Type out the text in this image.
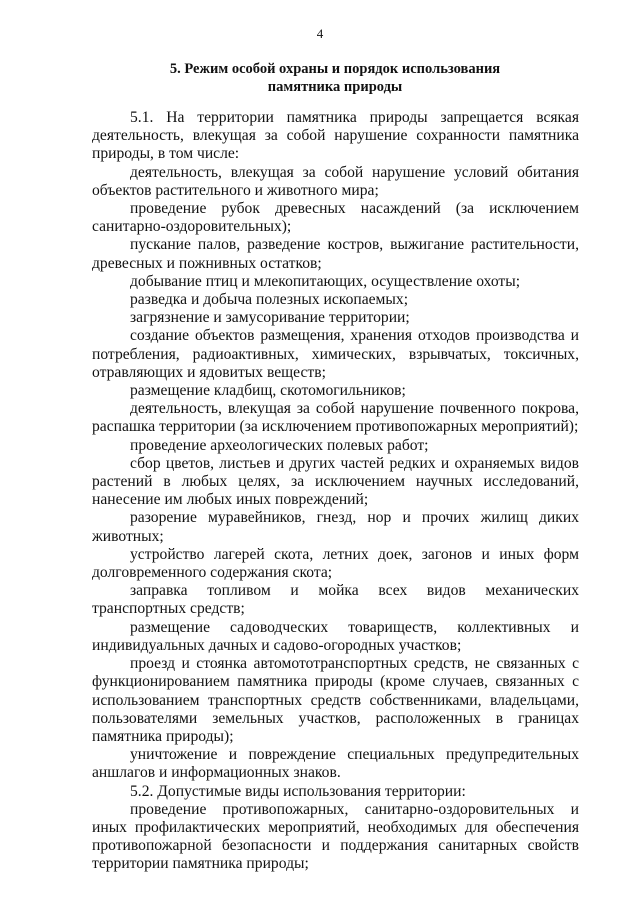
4
5. Режим особой охраны и порядок использования
памятника природы

5.1. На территории памятника природы запрещается всякая деятельность, влекущая за собой нарушение сохранности памятника природы, в том числе:

деятельность, влекущая за собой нарушение условий обитания объектов растительного и животного мира;

проведение рубок древесных насаждений (за исключением санитарно-оздоровительных);

пускание палов, разведение костров, выжигание растительности, древесных и пожнивных остатков;

добывание птиц и млекопитающих, осуществление охоты;

разведка и добыча полезных ископаемых;

загрязнение и замусоривание территории;

создание объектов размещения, хранения отходов производства и потребления, радиоактивных, химических, взрывчатых, токсичных, отравляющих и ядовитых веществ;

размещение кладбищ, скотомогильников;

деятельность, влекущая за собой нарушение почвенного покрова, распашка территории (за исключением противопожарных мероприятий);

проведение археологических полевых работ;

сбор цветов, листьев и других частей редких и охраняемых видов растений в любых целях, за исключением научных исследований, нанесение им любых иных повреждений;

разорение муравейников, гнезд, нор и прочих жилищ диких животных;

устройство лагерей скота, летних доек, загонов и иных форм долговременного содержания скота;

заправка топливом и мойка всех видов механических транспортных средств;

размещение садоводческих товариществ, коллективных и индивидуальных дачных и садово-огородных участков;

проезд и стоянка автомототранспортных средств, не связанных с функционированием памятника природы (кроме случаев, связанных с использованием транспортных средств собственниками, владельцами, пользователями земельных участков, расположенных в границах памятника природы);

уничтожение и повреждение специальных предупредительных аншлагов и информационных знаков.

5.2. Допустимые виды использования территории:

проведение противопожарных, санитарно-оздоровительных и иных профилактических мероприятий, необходимых для обеспечения противопожарной безопасности и поддержания санитарных свойств территории памятника природы;
